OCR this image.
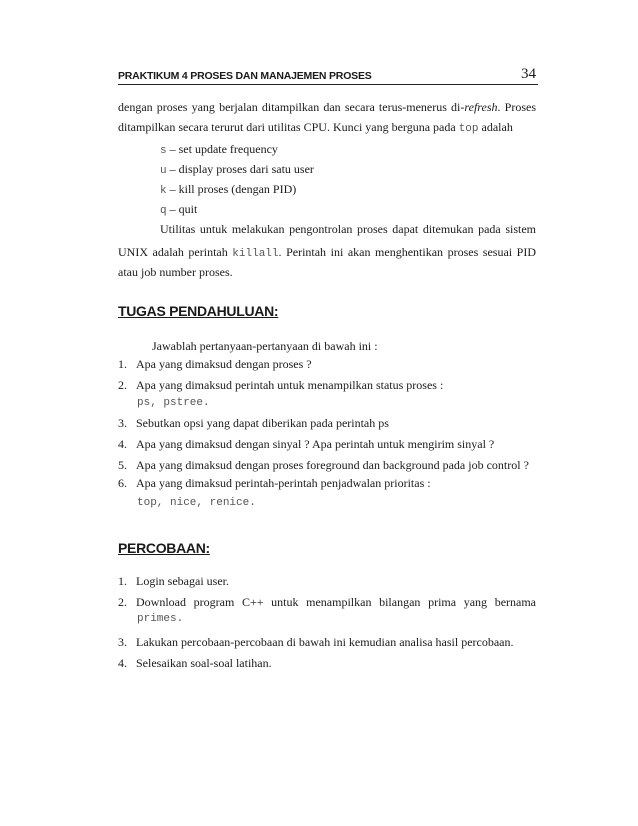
PRAKTIKUM 4 PROSES DAN MANAJEMEN PROSES	34
dengan proses yang berjalan ditampilkan dan secara terus-menerus di-refresh. Proses
ditampilkan secara terurut dari utilitas CPU. Kunci yang berguna pada top adalah
s – set update frequency
u – display proses dari satu user
k – kill proses (dengan PID)
q – quit
Utilitas untuk melakukan pengontrolan proses dapat ditemukan pada sistem
UNIX adalah perintah killall. Perintah ini akan menghentikan proses sesuai PID
atau job number proses.
TUGAS PENDAHULUAN:
Jawablah pertanyaan-pertanyaan di bawah ini :
1. Apa yang dimaksud dengan proses ?
2. Apa yang dimaksud perintah untuk menampilkan status proses :
ps, pstree.
3. Sebutkan opsi yang dapat diberikan pada perintah ps
4. Apa yang dimaksud dengan sinyal ? Apa perintah untuk mengirim sinyal ?
5. Apa yang dimaksud dengan proses foreground dan background pada job control ?
6. Apa yang dimaksud perintah-perintah penjadwalan prioritas :
top, nice, renice.
PERCOBAAN:
1. Login sebagai user.
2. Download program C++ untuk menampilkan bilangan prima yang bernama
primes.
3. Lakukan percobaan-percobaan di bawah ini kemudian analisa hasil percobaan.
4. Selesaikan soal-soal latihan.
